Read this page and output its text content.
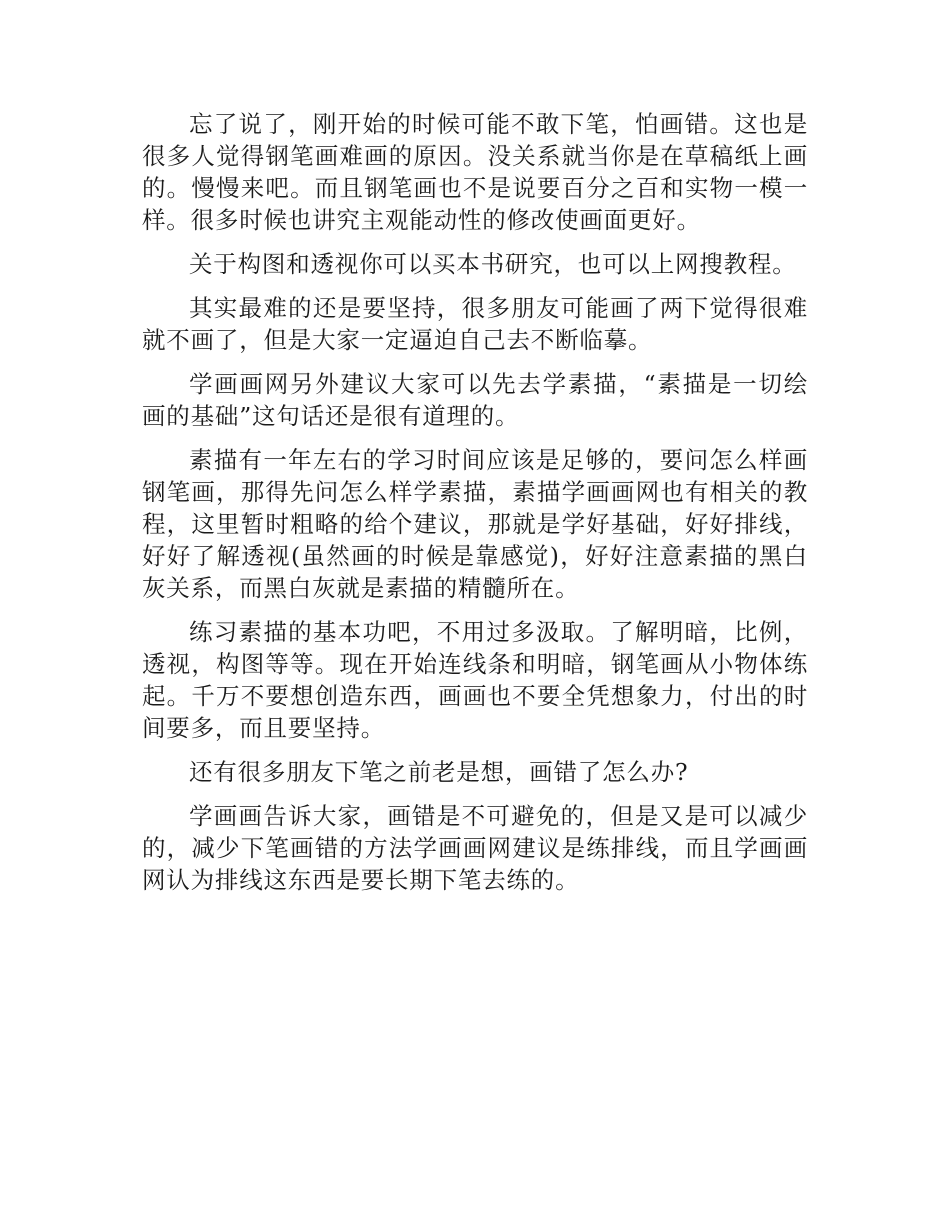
忘了说了，刚开始的时候可能不敢下笔，怕画错。这也是很多人觉得钢笔画难画的原因。没关系就当你是在草稿纸上画的。慢慢来吧。而且钢笔画也不是说要百分之百和实物一模一样。很多时候也讲究主观能动性的修改使画面更好。

关于构图和透视你可以买本书研究，也可以上网搜教程。

其实最难的还是要坚持，很多朋友可能画了两下觉得很难就不画了，但是大家一定逼迫自己去不断临摹。

学画画网另外建议大家可以先去学素描，“素描是一切绘画的基础”这句话还是很有道理的。

素描有一年左右的学习时间应该是足够的，要问怎么样画钢笔画，那得先问怎么样学素描，素描学画画网也有相关的教程，这里暂时粗略的给个建议，那就是学好基础，好好排线，好好了解透视(虽然画的时候是靠感觉)，好好注意素描的黑白灰关系，而黑白灰就是素描的精髓所在。

练习素描的基本功吧，不用过多汲取。了解明暗，比例，透视，构图等等。现在开始连线条和明暗，钢笔画从小物体练起。千万不要想创造东西，画画也不要全凭想象力，付出的时间要多，而且要坚持。

还有很多朋友下笔之前老是想，画错了怎么办?

学画画告诉大家，画错是不可避免的，但是又是可以减少的，减少下笔画错的方法学画画网建议是练排线，而且学画画网认为排线这东西是要长期下笔去练的。
